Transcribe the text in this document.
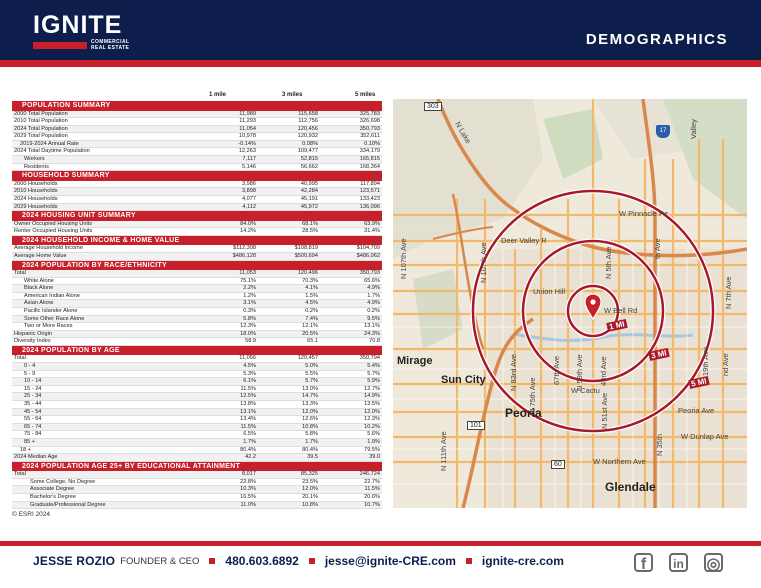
IGNITE
COMMERCIAL REAL ESTATE	DEMOGRAPHICS
1 mile	3 miles	5 miles
POPULATION SUMMARY			
2000 Total Population	11,989	115,658	325,783
2010 Total Population	11,293	112,756	326,698
2024 Total Population	11,054	120,456	350,793
2029 Total Population	10,978	120,932	352,611
2019-2024 Annual Rate	-0.14%	0.08%	0.10%
2024 Total Daytime Population	12,263	109,477	334,179
Workers	7,117	52,815	165,815
Residents	5,146	56,662	168,364
HOUSEHOLD SUMMARY			
2000 Households	3,986	40,995	117,894
2010 Households	3,898	42,284	123,571
2024 Households	4,077	45,191	133,423
2029 Households	4,112	45,972	136,096
2024 HOUSING UNIT SUMMARY			
Owner Occupied Housing Units	84.0%	68.1%	63.9%
Renter Occupied Housing Units	14.2%	28.5%	31.4%
2024 HOUSEHOLD INCOME & HOME VALUE			
Average Household Income	$112,308	$108,819	$104,709
Average Home Value	$486,128	$500,694	$486,062
2024 POPULATION BY RACE/ETHNICITY			
Total	11,053	120,496	350,793
White Alone	75.1%	70.3%	65.6%
Black Alone	2.2%	4.1%	4.9%
American Indian Alone	1.2%	1.5%	1.7%
Asian Alone	3.1%	4.5%	4.9%
Pacific Islander Alone	0.3%	0.2%	0.2%
Some Other Race Alone	5.8%	7.4%	9.5%
Two or More Races	12.3%	12.1%	13.1%
Hispanic Origin	18.0%	20.5%	24.3%
Diversity Index	58.9	65.1	70.8
2024 POPULATION BY AGE			
Total	11,056	120,457	350,794
0 - 4	4.5%	5.0%	5.4%
5 - 9	5.3%	5.5%	5.7%
10 - 14	6.1%	5.7%	5.9%
15 - 24	11.5%	13.0%	12.7%
25 - 34	12.5%	14.7%	14.9%
35 - 44	13.8%	13.3%	13.5%
45 - 54	13.1%	12.0%	12.0%
55 - 64	13.4%	12.6%	12.3%
65 - 74	11.5%	10.8%	10.2%
75 - 84	6.5%	5.8%	5.6%
85 +	1.7%	1.7%	1.9%
18 +	80.4%	80.4%	79.5%
2024 Median Age	42.2	39.5	39.0
2024 POPULATION AGE 25+ BY EDUCATIONAL ATTAINMENT			
Total	8,017	85,325	246,724
Some College, No Degree	22.8%	23.5%	22.7%
Associate Degree	10.3%	12.0%	11.5%
Bachelor's Degree	16.5%	20.1%	20.6%
Graduate/Professional Degree	11.0%	10.8%	10.7%
© ESRI 2024
303
17
101
60
W Pinnacle Pe
Deer Valley R
Union Hill
W Bell Rd
W Cactu
Peoria Ave
W Dunlap Ave
W Northern Ave
N Lake	Valley
N 107th Ave
N 111th Ave
N 107th Ave
N 83rd Ave
N 75th Ave
67th Ave N 59th Ave
N 51st Ave
43rd Ave
N 5th Ave	th Ave
19th Ave
N 7th Ave
nd Ave
N 35th
Mirage
Sun City
Peoria
Glendale
1 MI
3 MI
5 MI
JESSE ROZIO FOUNDER & CEO 480.603.6892 jesse@ignite-CRE.com ignite-cre.com	f	in ◎
